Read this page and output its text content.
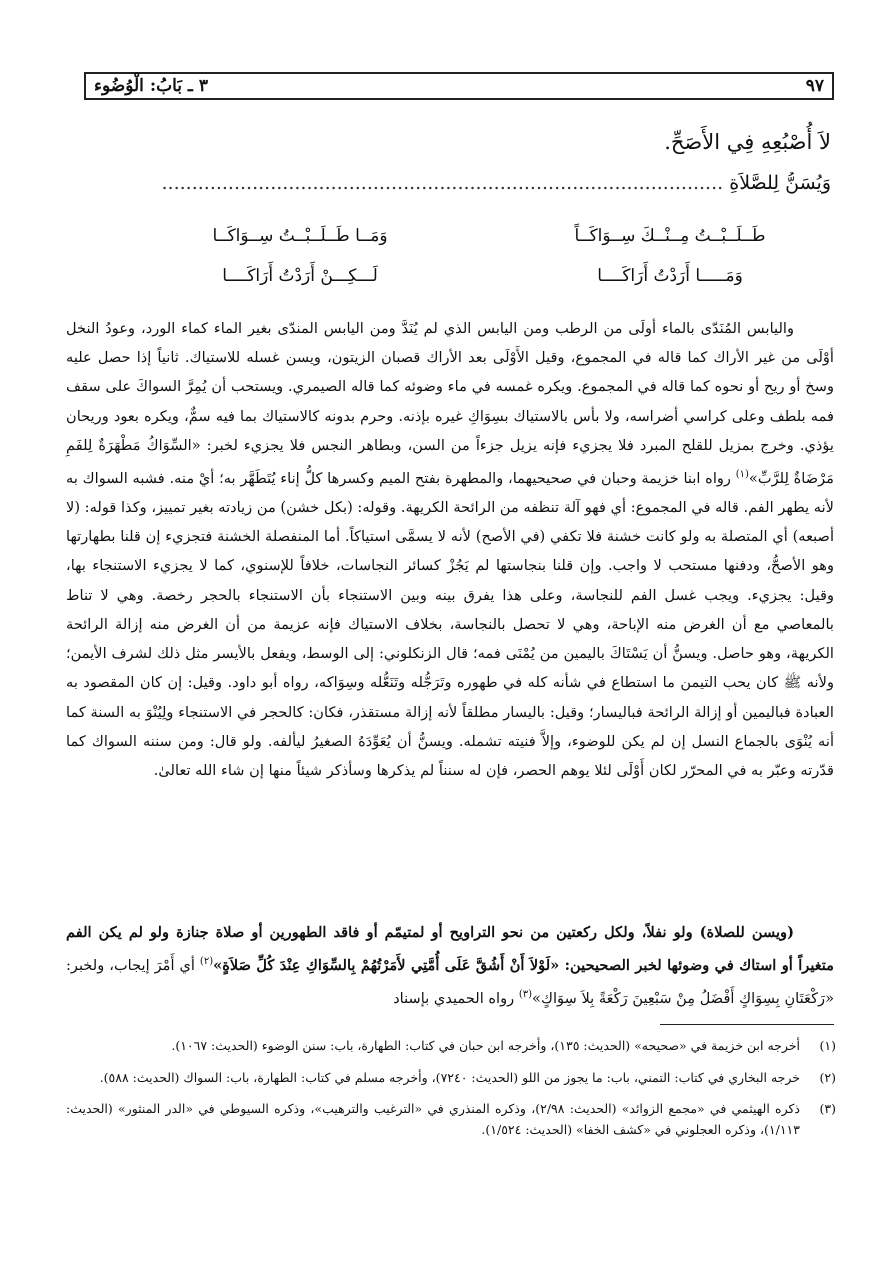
٣ ـ بَابُ: الْوُضُوء	٩٧
لاَ أُصْبُعِهِ فِي الأَصَحِّ.
وَيُسَنُّ لِلصَّلاَةِ .............................................................................................
طَــلَــبْــتُ مِــنْــكَ سِــوَاكَــاً
وَمَــا طَــلَــبْــتُ سِــوَاكَــا
وَمَـــــا أَرَدْتُ أَرَاكَــــا
لَـــكِـــنْ أَرَدْتُ أَرَاكَــــا

واليابس المُنَدّى بالماء أولَى من الرطب ومن اليابس الذي لم يُنَدَّ ومن اليابس المندّى بغير الماء كماء الورد، وعودُ النخل أوْلَى من غير الأراك كما قاله في المجموع، وقيل الأَوْلَى بعد الأراك قصبان الزيتون، ويسن غسله للاستياك. ثانياً إذا حصل عليه وسخ أو ريح أو نحوه كما قاله في المجموع. ويكره غمسه في ماء وضوئه كما قاله الصيمري. ويستحب أن يُمِرَّ السواكَ على سقف فمه بلطف وعلى كراسي أضراسه، ولا بأس بالاستياك بسِوَاكِ غيره بإذنه. وحرم بدونه كالاستياك بما فيه سمٌّ، ويكره بعود وريحان يؤذي. وخرج بمزيل للقلح المبرد فلا يجزيء فإنه يزيل جزءاً من السن، وبطاهر النجس فلا يجزيء لخبر: «السِّوَاكُ مَطْهَرَةٌ لِلفَمِ مَرْضَاةٌ لِلرَّبِّ»$^{(١)}$ رواه ابنا خزيمة وحبان في صحيحيهما، والمطهرة بفتح الميم وكسرها كلُّ إناء يُتَطَهَّر به؛ أيْ منه. فشبه السواك به لأنه يطهر الفم. قاله في المجموع: أي فهو آلة تنظفه من الرائحة الكريهة. وقوله: (بكل خشن) من زيادته بغير تمييز، وكذا قوله: (لا أصبعه) أي المتصلة به ولو كانت خشنة فلا تكفي (في الأصح) لأنه لا يسمَّى استياكاً. أما المنفصلة الخشنة فتجزيء إن قلنا بطهارتها وهو الأصحُّ، ودفنها مستحب لا واجب. وإن قلنا بنجاستها لم يَجُزْ كسائر النجاسات، خلافاً للإسنوي، كما لا يجزيء الاستنجاء بها، وقيل: يجزيء. ويجب غسل الفم للنجاسة، وعلى هذا يفرق بينه وبين الاستنجاء بأن الاستنجاء بالحجر رخصة. وهي لا تناط بالمعاصي مع أن الغرض منه الإباحة، وهي لا تحصل بالنجاسة، بخلاف الاستياك فإنه عزيمة من أن الغرض منه إزالة الرائحة الكريهة، وهو حاصل. ويسنُّ أن يَسْتَاكَ باليمين من يُمْنَى فمه؛ قال الزنكلوني: إلى الوسط، ويفعل بالأيسر مثل ذلك لشرف الأيمن؛ ولأنه ﷺ كان يحب التيمن ما استطاع في شأنه كله في طهوره وتَرَجُّله وتَنَعُّله وسِوَاكه، رواه أبو داود. وقيل: إن كان المقصود به العبادة فباليمين أو إزالة الرائحة فباليسار؛ وقيل: باليسار مطلقاً لأنه إزالة مستقذر، فكان: كالحجر في الاستنجاء ولِيُنْوَ به السنة كما أنه يُنْوَى بالجماع النسل إن لم يكن للوضوء، وإلاَّ فنيته تشمله. ويسنُّ أن يُعَوِّدَهُ الصغيرُ ليألفه. ولو قال: ومن سننه السواك كما قدّرته وعبّر به في المحرّر لكان أَوْلَى لئلا يوهم الحصر، فإن له سنناً لم يذكرها وسأذكر شيئاً منها إن شاء الله تعالىٰ.

(ويسن للصلاة) ولو نفلاً، ولكل ركعتين من نحو التراويح أو لمتيمّم أو فاقد الطهورين أو صلاة جنازة ولو لم يكن الفم متغيراً أو استاك في وضوئها لخبر الصحيحين: «لَوْلاَ أَنْ أَشُقَّ عَلَى أُمَّتِي لأَمَرْتُهُمْ بِالسِّوَاكِ عِنْدَ كُلِّ صَلاَةٍ»$^{(٢)}$ أي أَمْرَ إيجاب، ولخبر: «رَكْعَتَانِ بِسِوَاكٍ أَفْضَلُ مِنْ سَبْعِينَ رَكْعَةً بِلاَ سِوَاكٍ»$^{(٣)}$ رواه الحميدي بإسناد

(١)
أخرجه ابن خزيمة في «صحيحه» (الحديث: ١٣٥)، وأخرجه ابن حبان في كتاب: الطهارة، باب: سنن الوضوء (الحديث: ١٠٦٧).
(٢)
خرجه البخاري في كتاب: التمني، باب: ما يجوز من اللو (الحديث: ٧٢٤٠)، وأخرجه مسلم في كتاب: الطهارة، باب: السواك (الحديث: ٥٨٨).
(٣)
ذكره الهيثمي في «مجمع الزوائد» (الحديث: ٢/٩٨)، وذكره المنذري في «الترغيب والترهيب»، وذكره السيوطي في «الدر المنثور» (الحديث: ١/١١٣)، وذكره العجلوني في «كشف الخفا» (الحديث: ١/٥٢٤).
